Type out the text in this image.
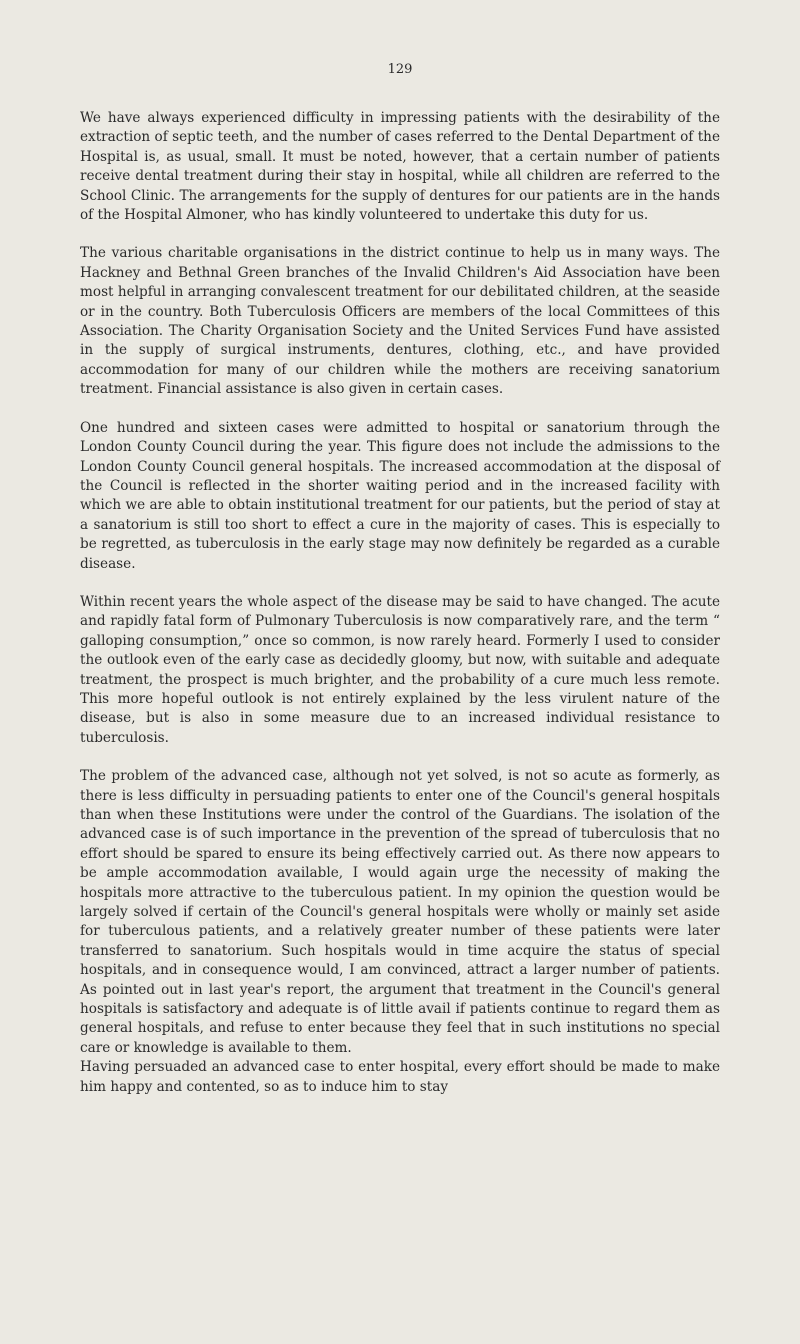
129

We have always experienced difficulty in impressing patients with the desirability of the extraction of septic teeth, and the number of cases referred to the Dental Department of the Hospital is, as usual, small. It must be noted, however, that a certain number of patients receive dental treatment during their stay in hospital, while all children are referred to the School Clinic. The arrangements for the supply of dentures for our patients are in the hands of the Hospital Almoner, who has kindly volunteered to undertake this duty for us.

The various charitable organisations in the district continue to help us in many ways. The Hackney and Bethnal Green branches of the Invalid Children's Aid Association have been most helpful in arranging convalescent treatment for our debilitated children, at the seaside or in the country. Both Tuberculosis Officers are members of the local Committees of this Association. The Charity Organisation Society and the United Services Fund have assisted in the supply of surgical instruments, dentures, clothing, etc., and have provided accommodation for many of our children while the mothers are receiving sanatorium treatment. Financial assistance is also given in certain cases.

One hundred and sixteen cases were admitted to hospital or sanatorium through the London County Council during the year. This figure does not include the admissions to the London County Council general hospitals. The increased accommodation at the disposal of the Council is reflected in the shorter waiting period and in the increased facility with which we are able to obtain institutional treatment for our patients, but the period of stay at a sanatorium is still too short to effect a cure in the majority of cases. This is especially to be regretted, as tuberculosis in the early stage may now definitely be regarded as a curable disease.

Within recent years the whole aspect of the disease may be said to have changed. The acute and rapidly fatal form of Pulmonary Tuberculosis is now comparatively rare, and the term “ galloping consumption,” once so common, is now rarely heard. Formerly I used to consider the outlook even of the early case as decidedly gloomy, but now, with suitable and adequate treatment, the prospect is much brighter, and the probability of a cure much less remote. This more hopeful outlook is not entirely explained by the less virulent nature of the disease, but is also in some measure due to an increased individual resistance to tuberculosis.

The problem of the advanced case, although not yet solved, is not so acute as formerly, as there is less difficulty in persuading patients to enter one of the Council's general hospitals than when these Institutions were under the control of the Guardians. The isolation of the advanced case is of such importance in the prevention of the spread of tuberculosis that no effort should be spared to ensure its being effectively carried out. As there now appears to be ample accommodation available, I would again urge the necessity of making the hospitals more attractive to the tuberculous patient. In my opinion the question would be largely solved if certain of the Council's general hospitals were wholly or mainly set aside for tuberculous patients, and a relatively greater number of these patients were later transferred to sanatorium. Such hospitals would in time acquire the status of special hospitals, and in consequence would, I am convinced, attract a larger number of patients. As pointed out in last year's report, the argument that treatment in the Council's general hospitals is satisfactory and adequate is of little avail if patients continue to regard them as general hospitals, and refuse to enter because they feel that in such institutions no special care or knowledge is available to them.

Having persuaded an advanced case to enter hospital, every effort should be made to make him happy and contented, so as to induce him to stay
